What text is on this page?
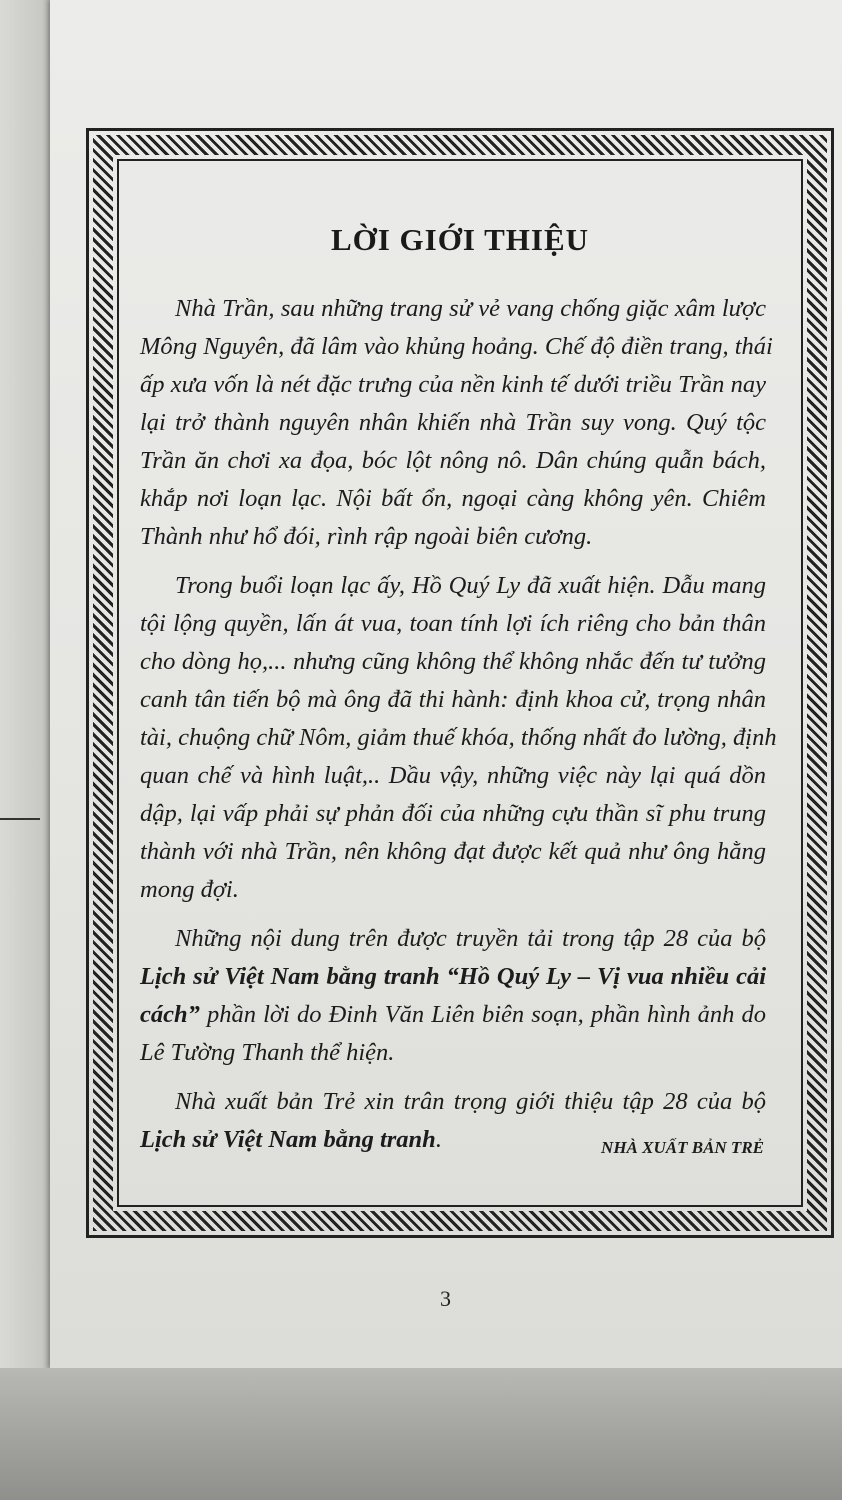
LỜI GIỚI THIỆU
Nhà Trần, sau những trang sử vẻ vang chống giặc xâm lược
Mông Nguyên, đã lâm vào khủng hoảng. Chế độ điền trang, thái
ấp xưa vốn là nét đặc trưng của nền kinh tế dưới triều Trần nay
lại trở thành nguyên nhân khiến nhà Trần suy vong. Quý tộc
Trần ăn chơi xa đọa, bóc lột nông nô. Dân chúng quẫn bách,
khắp nơi loạn lạc. Nội bất ổn, ngoại càng không yên. Chiêm
Thành như hổ đói, rình rập ngoài biên cương.
Trong buổi loạn lạc ấy, Hồ Quý Ly đã xuất hiện. Dẫu mang
tội lộng quyền, lấn át vua, toan tính lợi ích riêng cho bản thân
cho dòng họ,... nhưng cũng không thể không nhắc đến tư tưởng
canh tân tiến bộ mà ông đã thi hành: định khoa cử, trọng nhân
tài, chuộng chữ Nôm, giảm thuế khóa, thống nhất đo lường, định
quan chế và hình luật,.. Dầu vậy, những việc này lại quá dồn
dập, lại vấp phải sự phản đối của những cựu thần sĩ phu trung
thành với nhà Trần, nên không đạt được kết quả như ông hằng
mong đợi.
Những nội dung trên được truyền tải trong tập 28 của bộ
Lịch sử Việt Nam bằng tranh “Hồ Quý Ly – Vị vua nhiều cải
cách” phần lời do Đinh Văn Liên biên soạn, phần hình ảnh do
Lê Tường Thanh thể hiện.
Nhà xuất bản Trẻ xin trân trọng giới thiệu tập 28 của bộ
Lịch sử Việt Nam bằng tranh.	NHÀ XUẤT BẢN TRẺ
3
